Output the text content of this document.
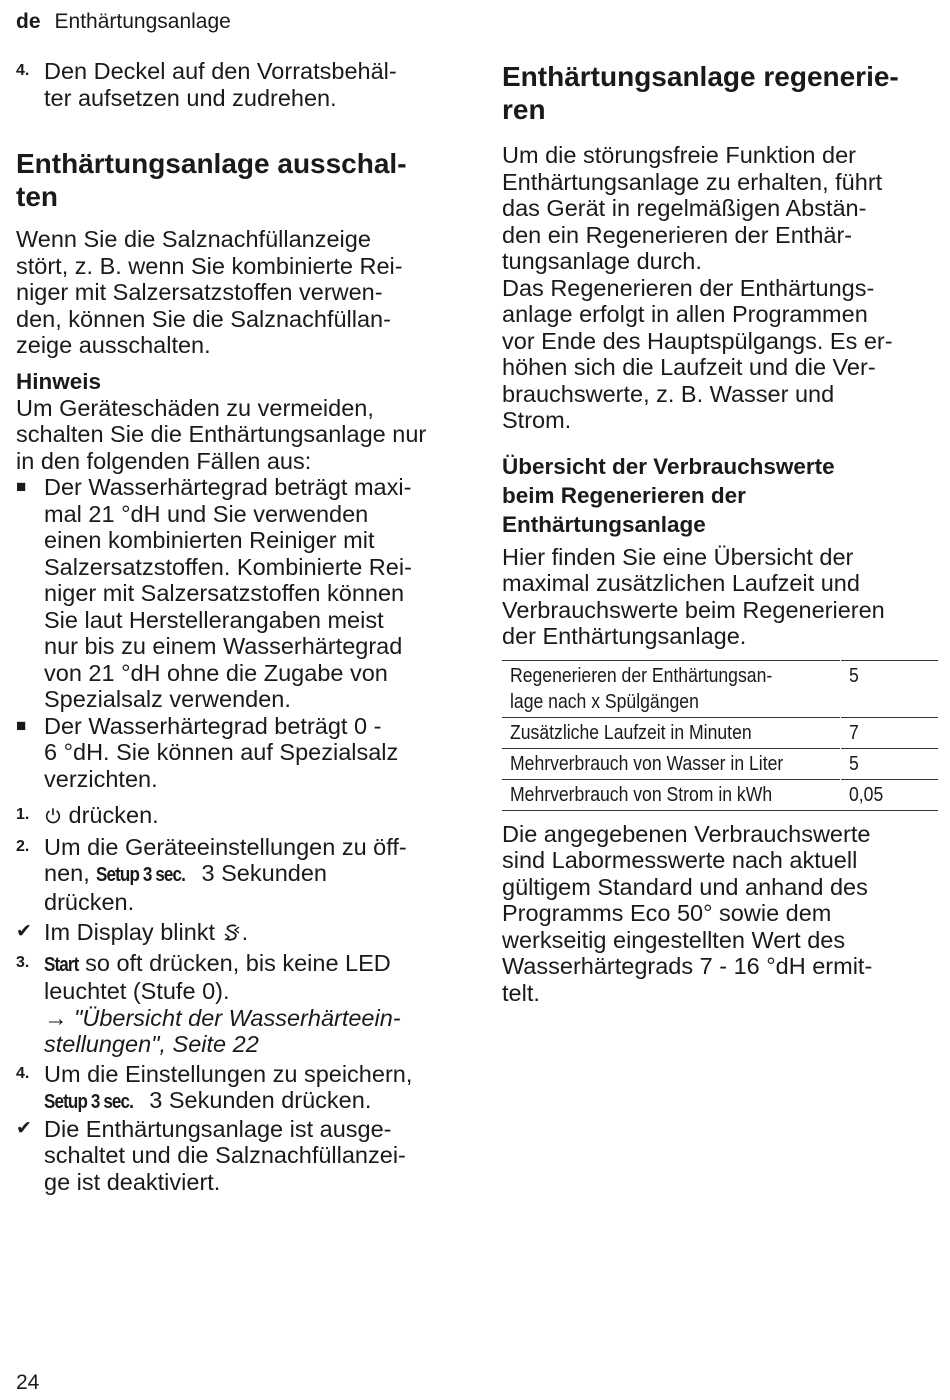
de Enthärtungsanlage
4. Den Deckel auf den Vorratsbehäl-
ter aufsetzen und zudrehen.
Enthärtungsanlage ausschal-
ten
Wenn Sie die Salznachfüllanzeige
stört, z. B. wenn Sie kombinierte Rei-
niger mit Salzersatzstoffen verwen-
den, können Sie die Salznachfüllan-
zeige ausschalten.
Hinweis
Um Geräteschäden zu vermeiden,
schalten Sie die Enthärtungsanlage nur
in den folgenden Fällen aus:
■ Der Wasserhärtegrad beträgt maxi-
mal 21 °dH und Sie verwenden
einen kombinierten Reiniger mit
Salzersatzstoffen. Kombinierte Rei-
niger mit Salzersatzstoffen können
Sie laut Herstellerangaben meist
nur bis zu einem Wasserhärtegrad
von 21 °dH ohne die Zugabe von
Spezialsalz verwenden.
■ Der Wasserhärtegrad beträgt 0 -
6 °dH. Sie können auf Spezialsalz
verzichten.
1.	drücken.
2. Um die Geräteeinstellungen zu öff-
nen, Setup 3 sec. 3 Sekunden
drücken.
✔ Im Display blinkt .
3. Start so oft drücken, bis keine LED
leuchtet (Stufe 0).
→ "Übersicht der Wasserhärteein-
stellungen", Seite 22
4. Um die Einstellungen zu speichern,
Setup 3 sec. 3 Sekunden drücken.
✔ Die Enthärtungsanlage ist ausge-
schaltet und die Salznachfüllanzei-
ge ist deaktiviert.
Enthärtungsanlage regenerie-
ren
Um die störungsfreie Funktion der
Enthärtungsanlage zu erhalten, führt
das Gerät in regelmäßigen Abstän-
den ein Regenerieren der Enthär-
tungsanlage durch.
Das Regenerieren der Enthärtungs-
anlage erfolgt in allen Programmen
vor Ende des Hauptspülgangs. Es er-
höhen sich die Laufzeit und die Ver-
brauchswerte, z. B. Wasser und
Strom.
Übersicht der Verbrauchswerte
beim Regenerieren der
Enthärtungsanlage
Hier finden Sie eine Übersicht der
maximal zusätzlichen Laufzeit und
Verbrauchswerte beim Regenerieren
der Enthärtungsanlage.
Regenerieren der Enthärtungsan-
lage nach x Spülgängen	5
Zusätzliche Laufzeit in Minuten	7
Mehrverbrauch von Wasser in Liter	5
Mehrverbrauch von Strom in kWh	0,05
Die angegebenen Verbrauchswerte
sind Labormesswerte nach aktuell
gültigem Standard und anhand des
Programms Eco 50° sowie dem
werkseitig eingestellten Wert des
Wasserhärtegrads 7 - 16 °dH ermit-
telt.
24
